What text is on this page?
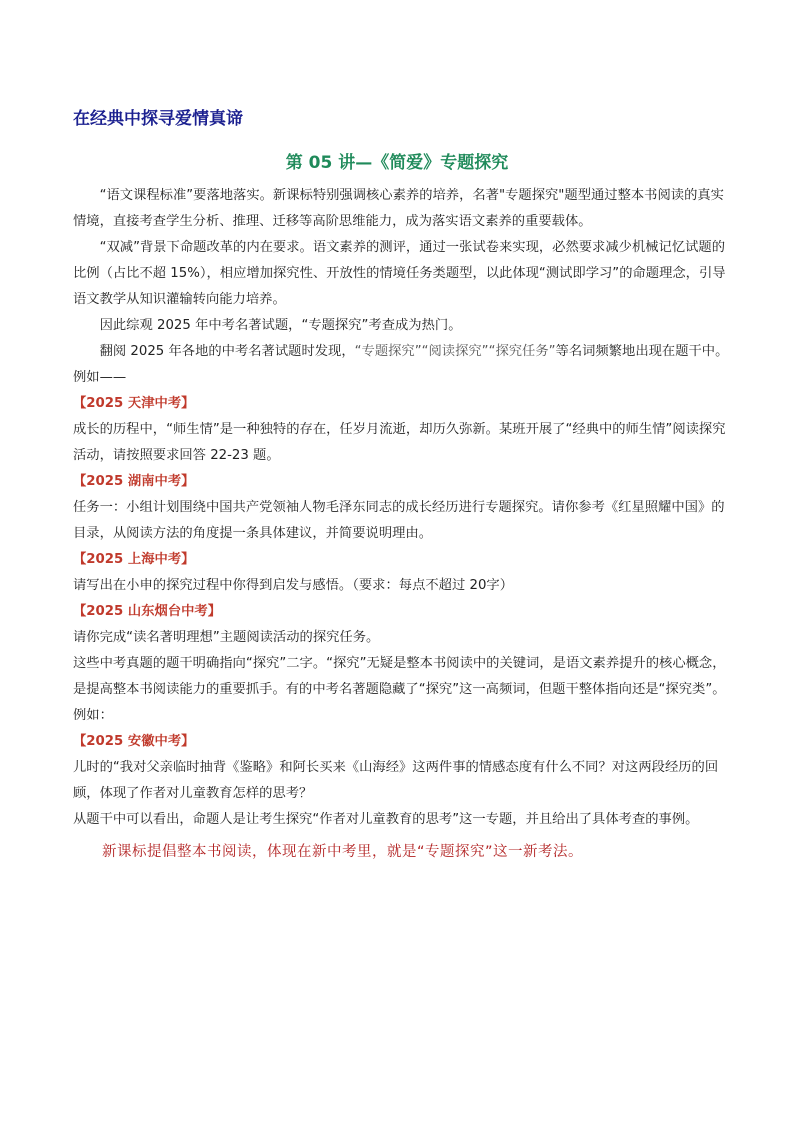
在经典中探寻爱情真谛
第 05 讲—《简爱》专题探究

“语文课程标准”要落地落实。新课标特别强调核心素养的培养，名著"专题探究"题型通过整本书阅读的真实情境，直接考查学生分析、推理、迁移等高阶思维能力，成为落实语文素养的重要载体。

“双减”背景下命题改革的内在要求。语文素养的测评，通过一张试卷来实现，必然要求减少机械记忆试题的比例（占比不超 15%），相应增加探究性、开放性的情境任务类题型，以此体现“测试即学习”的命题理念，引导语文教学从知识灌输转向能力培养。

因此综观 2025 年中考名著试题，“专题探究”考查成为热门。

翻阅 2025 年各地的中考名著试题时发现，“专题探究”“阅读探究”“探究任务”等名词频繁地出现在题干中。例如——

【2025 天津中考】

成长的历程中，“师生情”是一种独特的存在，任岁月流逝，却历久弥新。某班开展了“经典中的师生情”阅读探究活动，请按照要求回答 22-23 题。

【2025 湖南中考】

任务一：小组计划围绕中国共产党领袖人物毛泽东同志的成长经历进行专题探究。请你参考《红星照耀中国》的目录，从阅读方法的角度提一条具体建议，并简要说明理由。

【2025 上海中考】

请写出在小申的探究过程中你得到启发与感悟。（要求：每点不超过 20字）

【2025 山东烟台中考】

请你完成“读名著明理想”主题阅读活动的探究任务。

这些中考真题的题干明确指向“探究”二字。“探究”无疑是整本书阅读中的关键词，是语文素养提升的核心概念，是提高整本书阅读能力的重要抓手。有的中考名著题隐藏了“探究”这一高频词，但题干整体指向还是“探究类”。例如：

【2025 安徽中考】

儿时的“我对父亲临时抽背《鉴略》和阿长买来《山海经》这两件事的情感态度有什么不同？对这两段经历的回顾，体现了作者对儿童教育怎样的思考？

从题干中可以看出，命题人是让考生探究“作者对儿童教育的思考”这一专题，并且给出了具体考查的事例。

新课标提倡整本书阅读，体现在新中考里，就是“专题探究”这一新考法。
